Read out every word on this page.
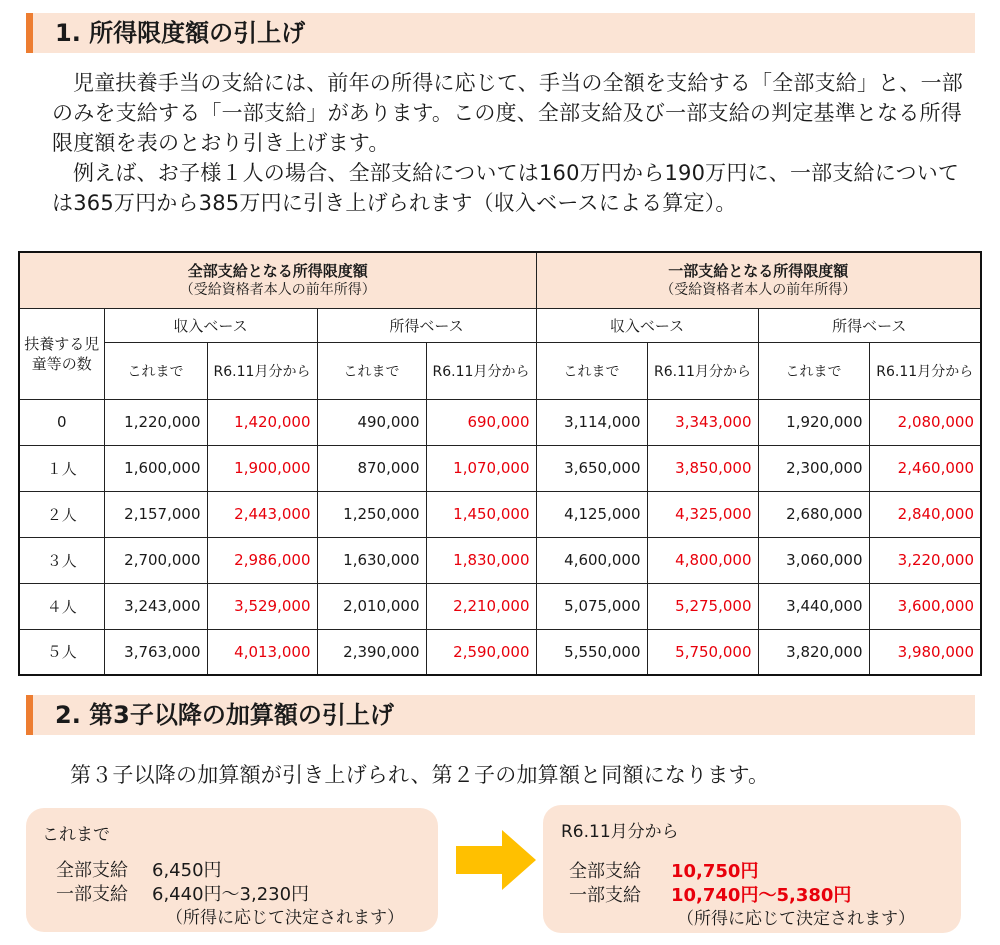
1. 所得限度額の引上げ

児童扶養手当の支給には、前年の所得に応じて、手当の全額を支給する「全部支給」と、一部のみを支給する「一部支給」があります。この度、全部支給及び一部支給の判定基準となる所得限度額を表のとおり引き上げます。

例えば、お子様１人の場合、全部支給については160万円から190万円に、一部支給については365万円から385万円に引き上げられます（収入ベースによる算定）。

全部支給となる所得限度額
（受給資格者本人の前年所得）					一部支給となる所得限度額
（受給資格者本人の前年所得）			

扶養する児童等の数	収入ベース		所得ベース		収入ベース		所得ベース	
	これまで	R6.11月分から	これまで	R6.11月分から	これまで	R6.11月分から	これまで	R6.11月分から
0	1,220,000	1,420,000	490,000	690,000	3,114,000	3,343,000	1,920,000	2,080,000
１人	1,600,000	1,900,000	870,000	1,070,000	3,650,000	3,850,000	2,300,000	2,460,000
２人	2,157,000	2,443,000	1,250,000	1,450,000	4,125,000	4,325,000	2,680,000	2,840,000
３人	2,700,000	2,986,000	1,630,000	1,830,000	4,600,000	4,800,000	3,060,000	3,220,000
４人	3,243,000	3,529,000	2,010,000	2,210,000	5,075,000	5,275,000	3,440,000	3,600,000
５人	3,763,000	4,013,000	2,390,000	2,590,000	5,550,000	5,750,000	3,820,000	3,980,000
2. 第3子以降の加算額の引上げ
第３子以降の加算額が引き上げられ、第２子の加算額と同額になります。
これまで
全部支給 6,450円
一部支給 6,440円～3,230円
（所得に応じて決定されます）
R6.11月分から
全部支給 10,750円
一部支給 10,740円～5,380円
（所得に応じて決定されます）
